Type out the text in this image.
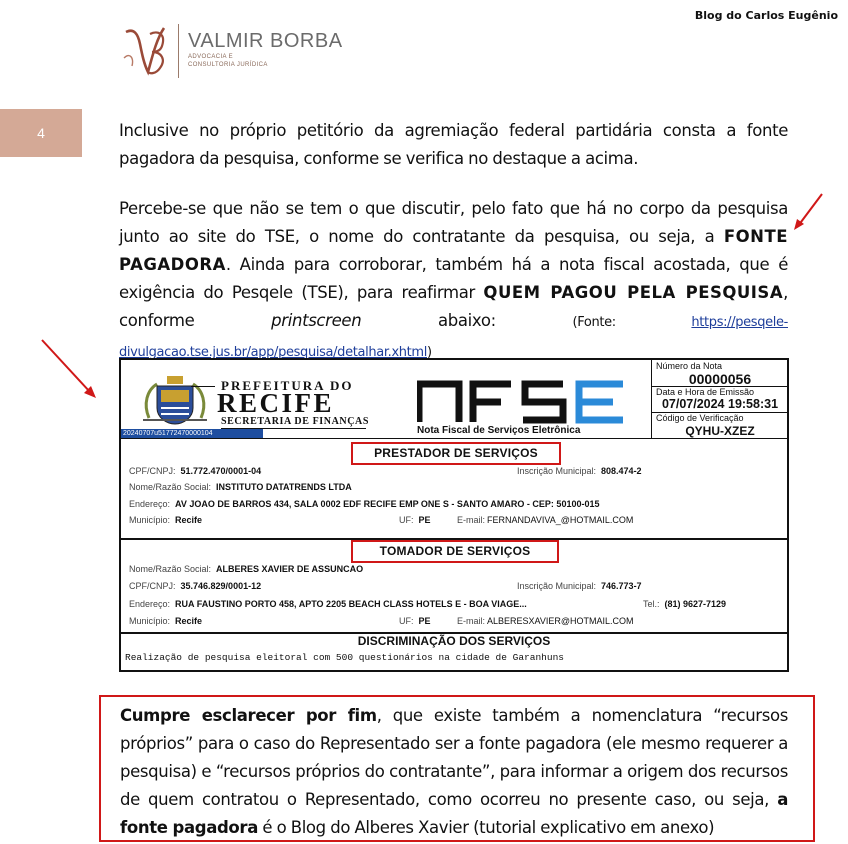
Blog do Carlos Eugênio
VALMIR BORBA
ADVOCACIA E
CONSULTORIA JURÍDICA
4	Inclusive no próprio petitório da agremiação federal partidária consta a fonte pagadora da pesquisa, conforme se verifica no destaque a acima.
Percebe-se que não se tem o que discutir, pelo fato que há no corpo da pesquisa junto ao site do TSE, o nome do contratante da pesquisa, ou seja, a FONTE PAGADORA. Ainda para corroborar, também há a nota fiscal acostada, que é exigência do Pesqele (TSE), para reafirmar QUEM PAGOU PELA PESQUISA, conforme printscreen abaixo: (Fonte: https://pesqele-divulgacao.tse.jus.br/app/pesquisa/detalhar.xhtml)
PREFEITURA DO
RECIFE
SECRETARIA DE FINANÇAS
20240707u51772470000104	Nota Fiscal de Serviços Eletrônica
Número da Nota
00000056
Data e Hora de Emissão
07/07/2024 19:58:31
Código de Verificação
QYHU-XZEZ
PRESTADOR DE SERVIÇOS
CPF/CNPJ: 51.772.470/0001-04	Inscrição Municipal: 808.474-2
Nome/Razão Social: INSTITUTO DATATRENDS LTDA
Endereço: AV JOAO DE BARROS 434, SALA 0002 EDF RECIFE EMP ONE S - SANTO AMARO - CEP: 50100-015
Município: Recife	UF: PE	E-mail: FERNANDAVIVA_@HOTMAIL.COM
TOMADOR DE SERVIÇOS
Nome/Razão Social: ALBERES XAVIER DE ASSUNCAO
CPF/CNPJ: 35.746.829/0001-12	Inscrição Municipal: 746.773-7
Endereço: RUA FAUSTINO PORTO 458, APTO 2205 BEACH CLASS HOTELS E - BOA VIAGE...	Tel.: (81) 9627-7129
Município: Recife	UF: PE	E-mail: ALBERESXAVIER@HOTMAIL.COM
DISCRIMINAÇÃO DOS SERVIÇOS
Realização de pesquisa eleitoral com 500 questionários na cidade de Garanhuns
Cumpre esclarecer por fim, que existe também a nomenclatura “recursos próprios” para o caso do Representado ser a fonte pagadora (ele mesmo requerer a pesquisa) e “recursos próprios do contratante”, para informar a origem dos recursos de quem contratou o Representado, como ocorreu no presente caso, ou seja, a fonte pagadora é o Blog do Alberes Xavier (tutorial explicativo em anexo)
